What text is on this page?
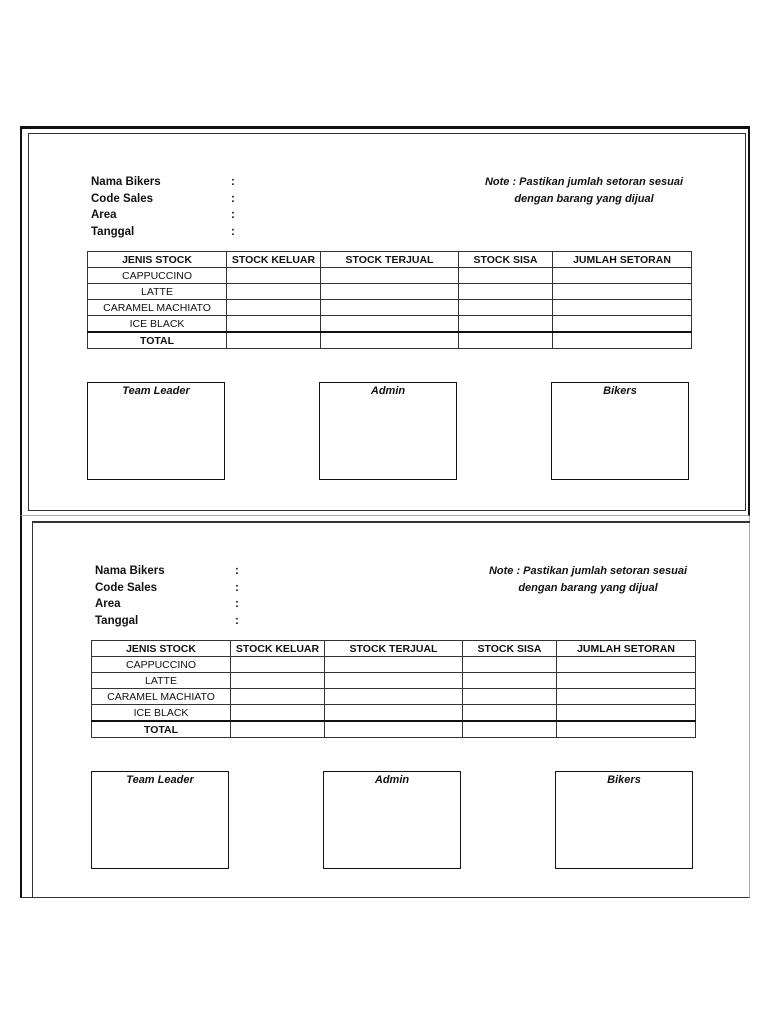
Nama Bikers	:
Code Sales	:
Area	:
Tanggal	:
Note : Pastikan jumlah setoran sesuai
dengan barang yang dijual
JENIS STOCK	STOCK KELUAR	STOCK TERJUAL	STOCK SISA	JUMLAH SETORAN
CAPPUCCINO				
LATTE				
CARAMEL MACHIATO				
ICE BLACK				
TOTAL				
Team Leader	Admin	Bikers
Nama Bikers	:
Code Sales	:
Area	:
Tanggal	:
Note : Pastikan jumlah setoran sesuai
dengan barang yang dijual
JENIS STOCK	STOCK KELUAR	STOCK TERJUAL	STOCK SISA	JUMLAH SETORAN
CAPPUCCINO				
LATTE				
CARAMEL MACHIATO				
ICE BLACK				
TOTAL				
Team Leader	Admin	Bikers
